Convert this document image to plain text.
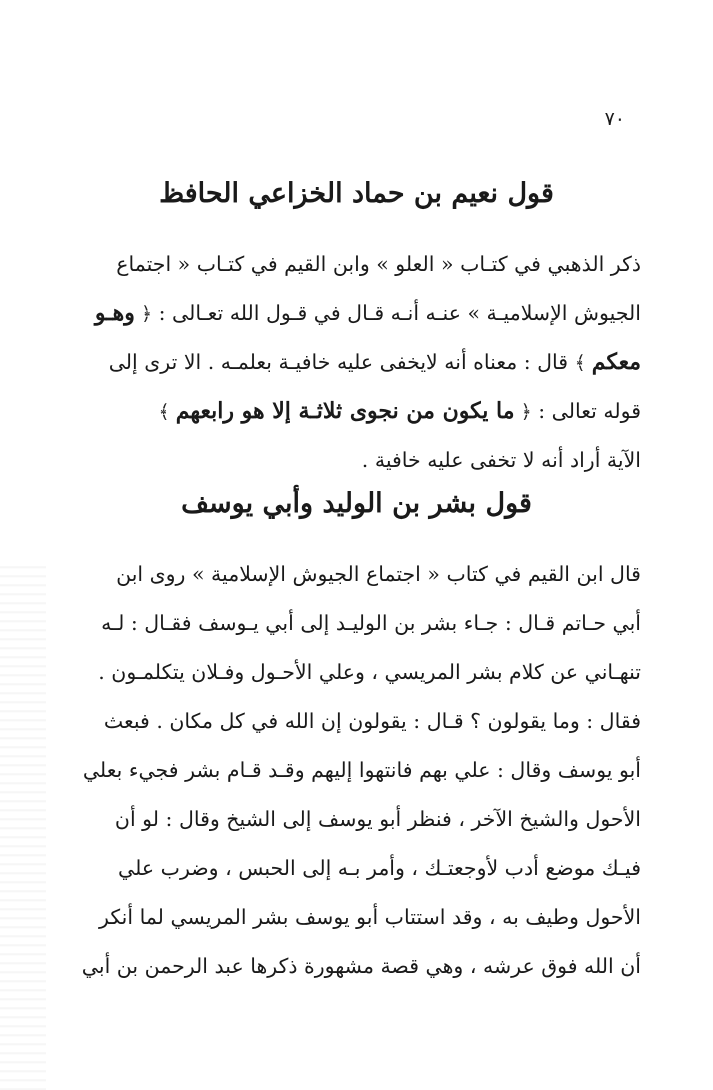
٧٠
قول نعيم بن حماد الخزاعي الحافظ
ذكر الذهبي في كتـاب « العلو » وابن القيم في كتـاب « اجتماع
الجيوش الإسلاميـة » عنـه أنـه قـال في قـول الله تعـالى : ﴿ وهـو
معكم ﴾ قال : معناه أنه لايخفى عليه خافيـة بعلمـه . الا ترى إلى
قوله تعالى : ﴿ ما يكون من نجوى ثلاثـة إلا هو رابعهم ﴾
الآية أراد أنه لا تخفى عليه خافية .
قول بشر بن الوليد وأبي يوسف
قال ابن القيم في كتاب « اجتماع الجيوش الإسلامية » روى ابن
أبي حـاتم قـال : جـاء بشر بن الوليـد إلى أبي يـوسف فقـال : لـه
تنهـاني عن كلام بشر المريسي ، وعلي الأحـول وفـلان يتكلمـون .
فقال : وما يقولون ؟ قـال : يقولون إن الله في كل مكان . فبعث
أبو يوسف وقال : علي بهم فانتهوا إليهم وقـد قـام بشر فجيء بعلي
الأحول والشيخ الآخر ، فنظر أبو يوسف إلى الشيخ وقال : لو أن
فيـك موضع أدب لأوجعتـك ، وأمر بـه إلى الحبس ، وضرب علي
الأحول وطيف به ، وقد استتاب أبو يوسف بشر المريسي لما أنكر
أن الله فوق عرشه ، وهي قصة مشهورة ذكرها عبد الرحمن بن أبي
